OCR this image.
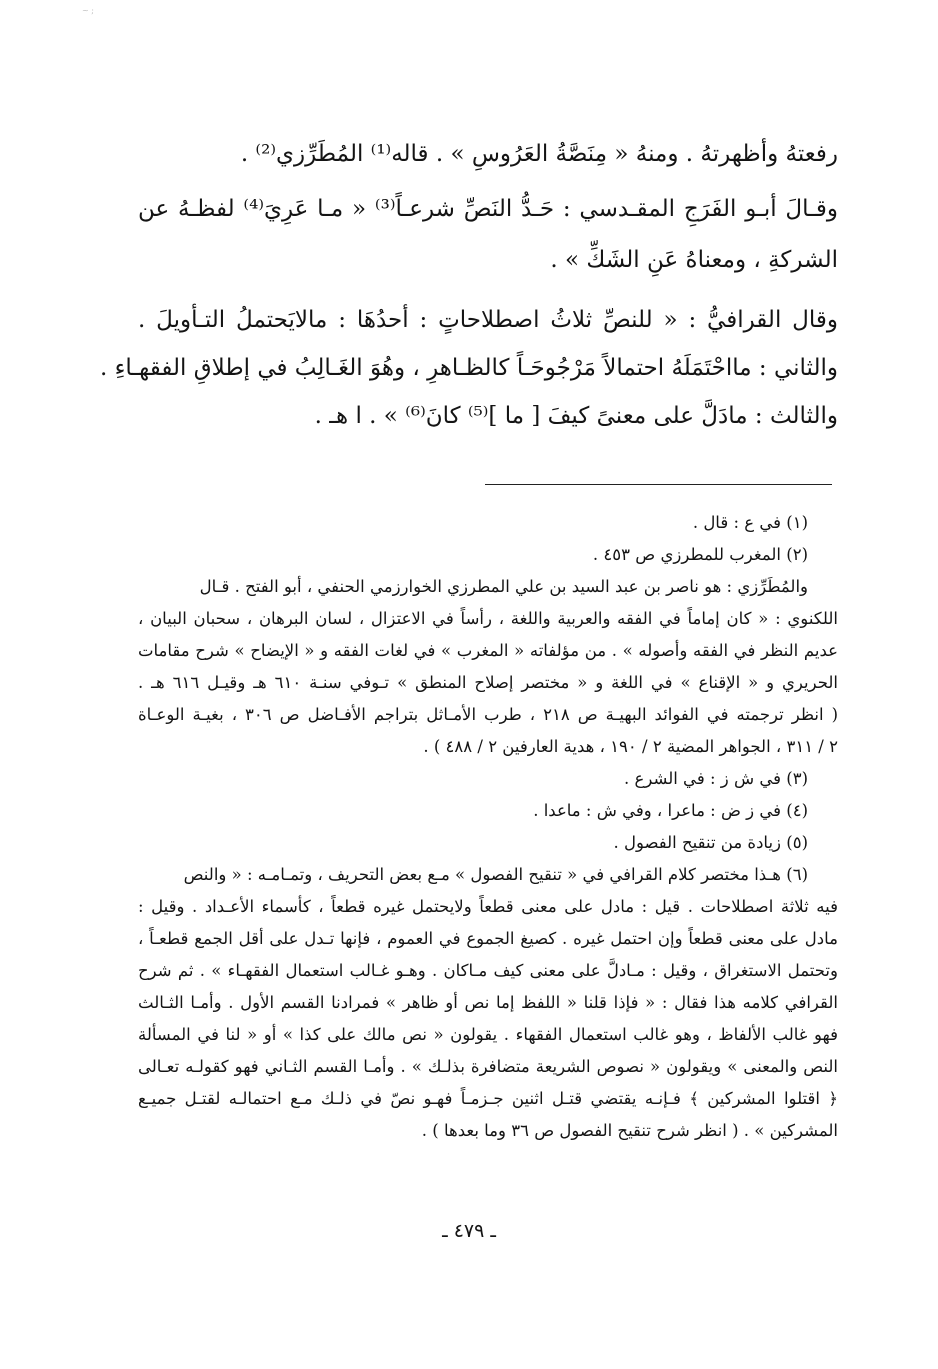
~ ;
رفعتهُ وأظهرتهُ . ومنهُ « مِنَصَّةُ العَرُوسِ » . قاله⁽¹⁾ المُطَرِّزي⁽²⁾ .
وقـالَ أبـو الفَرَجِ المقـدسي : حَـدُّ النَصِّ شرعـاً⁽³⁾ « مـا عَرِيَ⁽⁴⁾ لفظـهُ عن
الشركةِ ، ومعناهُ عَنِ الشَكِّ » .
وقال القرافيُّ : « للنصِّ ثلاثُ اصطلاحاتٍ : أحدُهَا : مالايَحتملُ التـأويلَ .
والثاني : مااحْتَمَلَهُ احتمالاً مَرْجُوحَـاً كالظـاهرِ ، وهُوَ الغَـالِبُ في إطلاقِ الفقهـاءِ .
والثالث : مادَلَّ على معنىً كيفَ [ ما ]⁽⁵⁾ كانَ⁽⁶⁾ » . ا هـ .
(١) في ع : قال .
(٢) المغرب للمطرزي ص ٤٥٣ .
والمُطَرِّزي : هو ناصر بن عبد السيد بن علي المطرزي الخوارزمي الحنفي ، أبو الفتح . قـال
اللكنوي : « كان إماماً في الفقه والعربية واللغة ، رأساً في الاعتزال ، لسان البرهان ، سحبان البيان ،
عديم النظر في الفقه وأصوله » . من مؤلفاته « المغرب » في لغات الفقه و « الإيضاح » شرح مقامات
الحريري و « الإقناع » في اللغة و « مختصر إصلاح المنطق » تـوفي سنـة ٦١٠ هـ وقيـل ٦١٦ هـ .
( انظر ترجمته في الفوائد البهيـة ص ٢١٨ ، طرب الأمـاثل بتراجم الأفـاضل ص ٣٠٦ ، بغيـة الوعـاة
٢ / ٣١١ ، الجواهر المضية ٢ / ١٩٠ ، هدية العارفين ٢ / ٤٨٨ ) .
(٣) في ش ز : في الشرع .
(٤) في ز ض : ماعرا ، وفي ش : ماعدا .
(٥) زيادة من تنقيح الفصول .
(٦) هـذا مختصر كلام القرافي في « تنقيح الفصول » مـع بعض التحريف ، وتمـامـه : « والنص
فيه ثلاثة اصطلاحات . قيل : مادل على معنى قطعاً ولايحتمل غيره قطعاً ، كأسماء الأعـداد . وقيل :
مادل على معنى قطعاً وإن احتمل غيره . كصيغ الجموع في العموم ، فإنها تـدل على أقل الجمع قطعـاً ،
وتحتمل الاستغراق ، وقيل : مـادلَّ على معنى كيف مـاكان . وهـو غـالب استعمال الفقهـاء » . ثم شرح
القرافي كلامه هذا فقال : « فإذا قلنا « اللفظ إما نص أو ظاهر » فمرادنا القسم الأول . وأمـا الثـالث
فهو غالب الألفاظ ، وهو غالب استعمال الفقهاء . يقولون « نص مالك على كذا » أو « لنا في المسألة
النص والمعنى » ويقولون « نصوص الشريعة متضافرة بذلـك » . وأمـا القسم الثـاني فهو كقولـه تعـالى
﴿ اقتلوا المشركين ﴾ فـإنـه يقتضي قتـل اثنين جـزمـاً فهـو نصّ في ذلـك مـع احتمالـه لقتـل جميـع
المشركين » . ( انظر شرح تنقيح الفصول ص ٣٦ وما بعدها ) .
ـ ٤٧٩ ـ
